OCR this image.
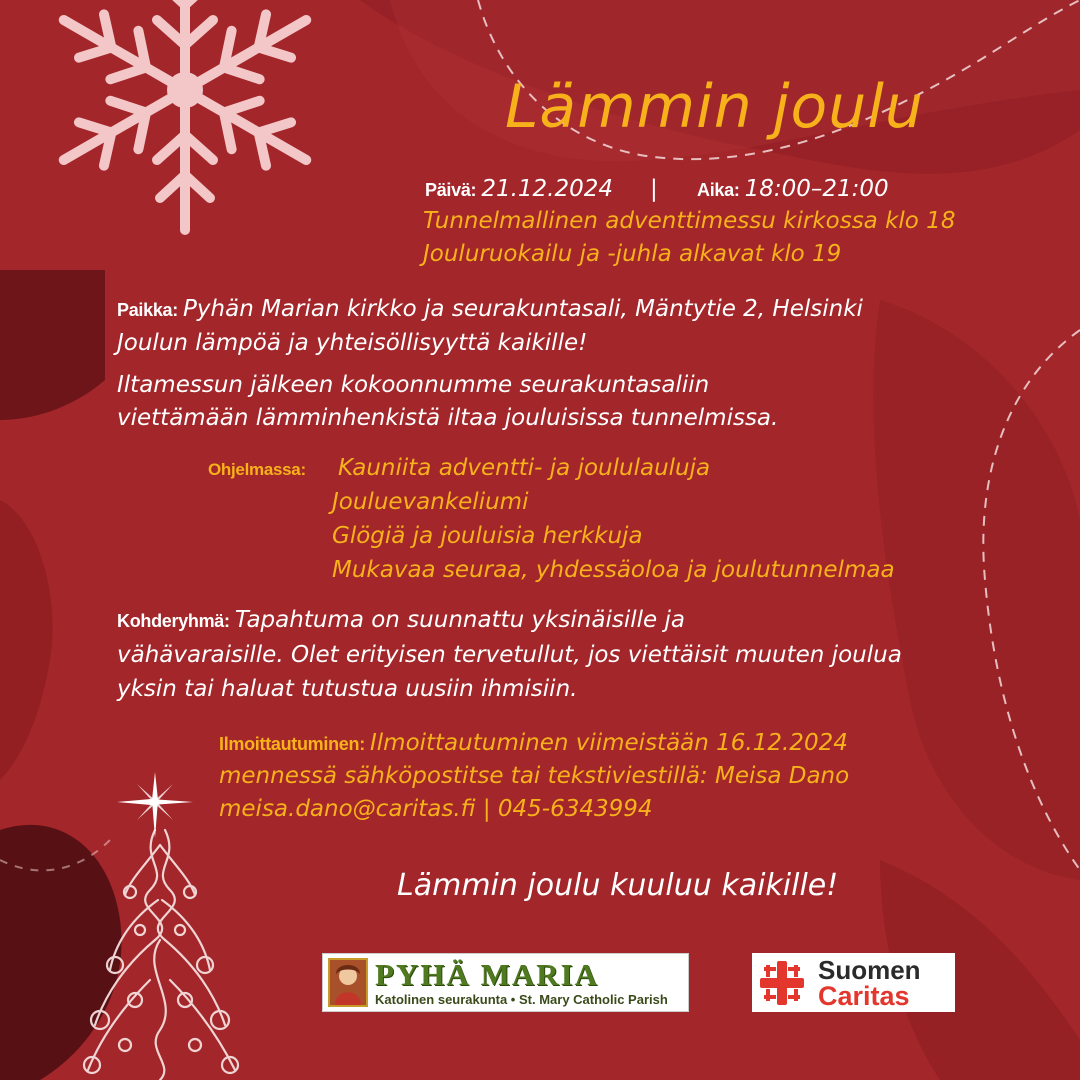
Lämmin joulu
Päivä: 21.12.2024 | Aika: 18:00–21:00
Tunnelmallinen adventtimessu kirkossa klo 18
Jouluruokailu ja -juhla alkavat klo 19
Paikka: Pyhän Marian kirkko ja seurakuntasali, Mäntytie 2, Helsinki
Joulun lämpöä ja yhteisöllisyyttä kaikille!
Iltamessun jälkeen kokoonnumme seurakuntasaliin
viettämään lämminhenkistä iltaa jouluisissa tunnelmissa.
Ohjelmassa: Kauniita adventti- ja joululauluja
Jouluevankeliumi
Glögiä ja jouluisia herkkuja
Mukavaa seuraa, yhdessäoloa ja joulutunnelmaa
Kohderyhmä: Tapahtuma on suunnattu yksinäisille ja
vähävaraisille. Olet erityisen tervetullut, jos viettäisit muuten joulua
yksin tai haluat tutustua uusiin ihmisiin.
Ilmoittautuminen: Ilmoittautuminen viimeistään 16.12.2024
mennessä sähköpostitse tai tekstiviestillä: Meisa Dano
meisa.dano@caritas.fi | 045-6343994
Lämmin joulu kuuluu kaikille!
PYHÄ MARIA
Katolinen seurakunta • St. Mary Catholic Parish
Suomen
Caritas
